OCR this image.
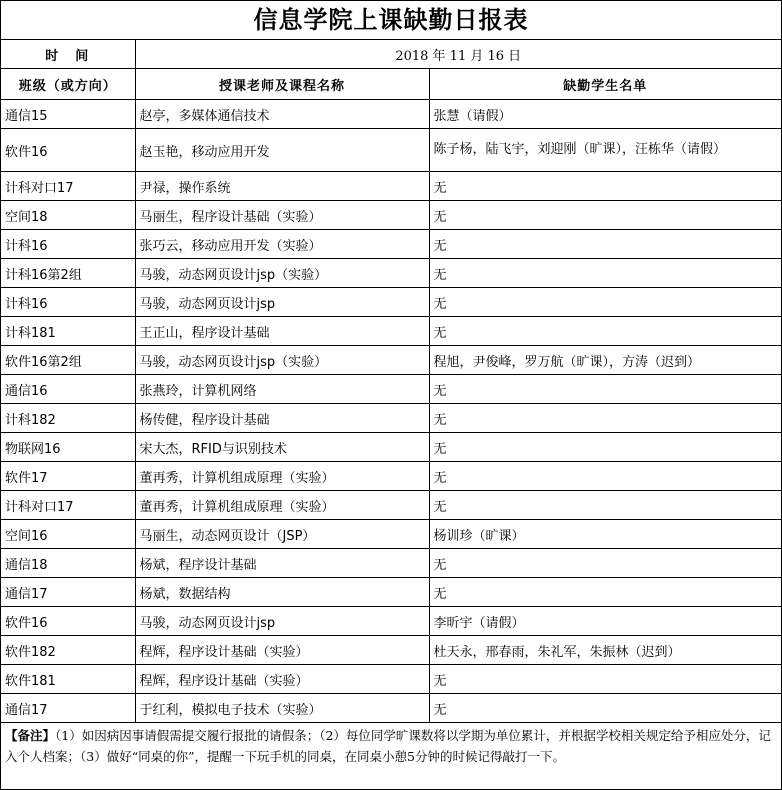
信息学院上课缺勤日报表
时　间	2018 年 11 月 16 日	
班级（或方向）	授课老师及课程名称	缺勤学生名单
通信15	赵亭，多媒体通信技术	张慧（请假）
软件16	赵玉艳，移动应用开发	陈子杨，陆飞宇，刘迎刚（旷课），汪栋华（请假）
计科对口17	尹禄，操作系统	无
空间18	马丽生，程序设计基础（实验）	无
计科16	张巧云，移动应用开发（实验）	无
计科16第2组	马骏，动态网页设计jsp（实验）	无
计科16	马骏，动态网页设计jsp	无
计科181	王正山，程序设计基础	无
软件16第2组	马骏，动态网页设计jsp（实验）	程旭，尹俊峰，罗万航（旷课），方涛（迟到）
通信16	张燕玲，计算机网络	无
计科182	杨传健，程序设计基础	无
物联网16	宋大杰，RFID与识别技术	无
软件17	董再秀，计算机组成原理（实验）	无
计科对口17	董再秀，计算机组成原理（实验）	无
空间16	马丽生，动态网页设计（JSP）	杨训珍（旷课）
通信18	杨斌，程序设计基础	无
通信17	杨斌，数据结构	无
软件16	马骏，动态网页设计jsp	李昕宇（请假）
软件182	程辉，程序设计基础（实验）	杜天永，邢春雨，朱礼军，朱振林（迟到）
软件181	程辉，程序设计基础（实验）	无
通信17	于红利，模拟电子技术（实验）	无
【备注】（1）如因病因事请假需提交履行报批的请假条；（2）每位同学旷课数将以学期为单位累计，并根据学校相关规定给予相应处分，记入个人档案；（3）做好“同桌的你”，提醒一下玩手机的同桌，在同桌小憩5分钟的时候记得敲打一下。
